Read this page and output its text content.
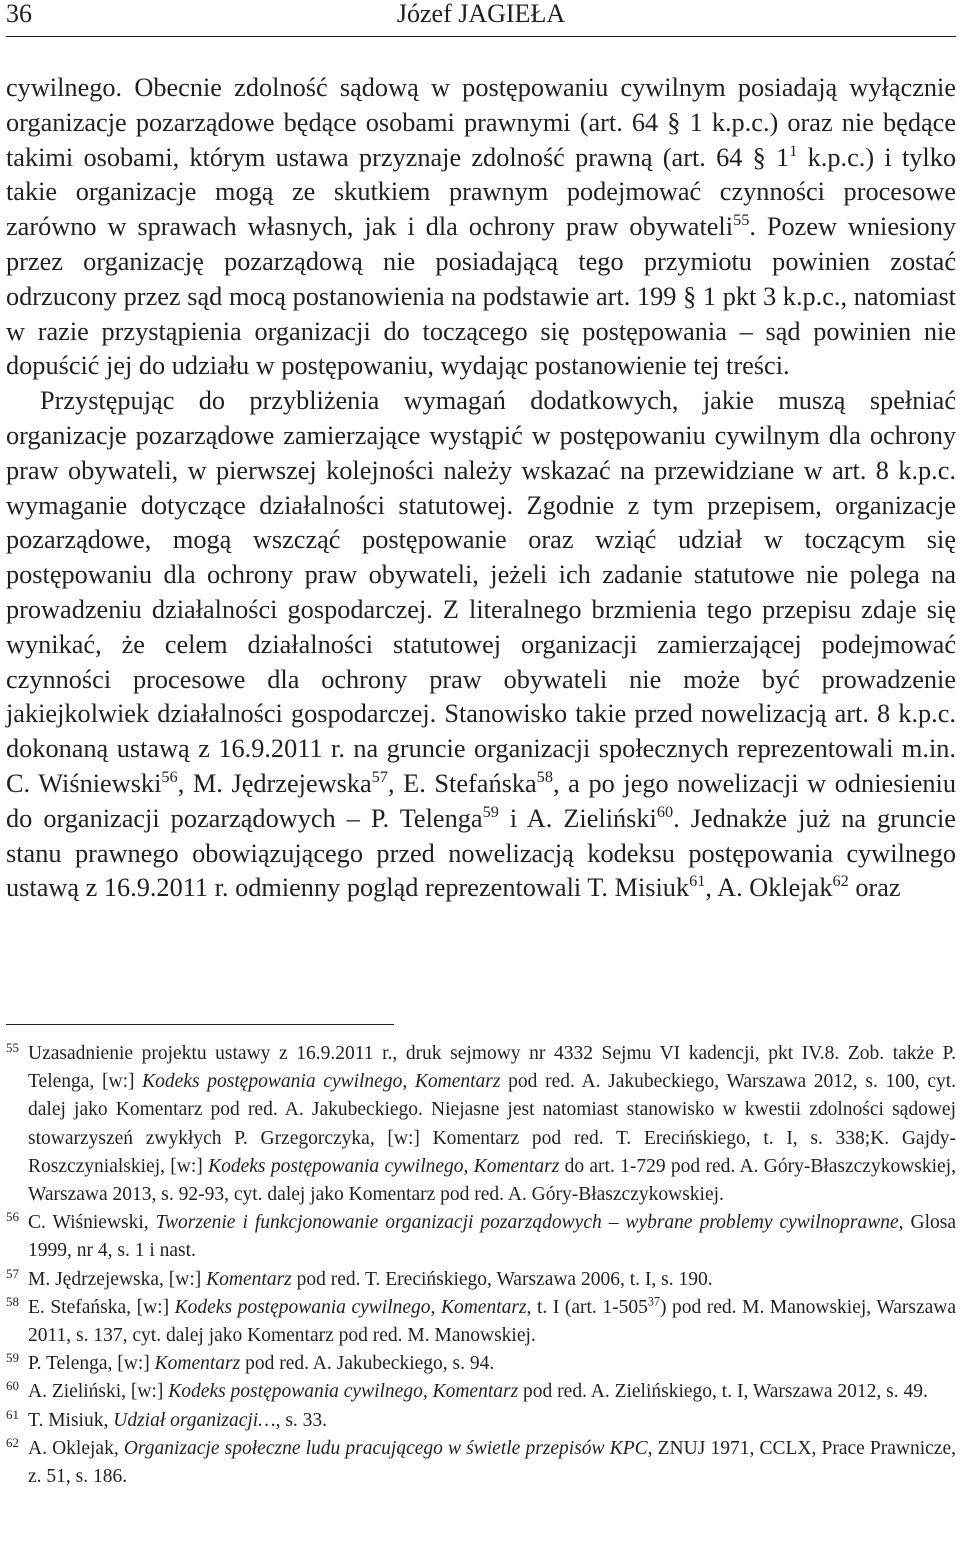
36	Józef JAGIEŁA

cywilnego. Obecnie zdolność sądową w postępowaniu cywilnym posiadają wyłącznie organizacje pozarządowe będące osobami prawnymi (art. 64 § 1 k.p.c.) oraz nie będące takimi osobami, którym ustawa przyznaje zdolność prawną (art. 64 § $1^1$ k.p.c.) i tylko takie organizacje mogą ze skutkiem prawnym podejmować czynności procesowe zarówno w sprawach własnych, jak i dla ochrony praw obywateli$^{55}$. Pozew wniesiony przez organizację pozarządową nie posiadającą tego przymiotu powinien zostać odrzucony przez sąd mocą postanowienia na podstawie art. 199 § 1 pkt 3 k.p.c., natomiast w razie przystąpienia organizacji do toczącego się postępowania – sąd powinien nie dopuścić jej do udziału w postępowaniu, wydając postanowienie tej treści.

Przystępując do przybliżenia wymagań dodatkowych, jakie muszą spełniać organizacje pozarządowe zamierzające wystąpić w postępowaniu cywilnym dla ochrony praw obywateli, w pierwszej kolejności należy wskazać na przewidziane w art. 8 k.p.c. wymaganie dotyczące działalności statutowej. Zgodnie z tym przepisem, organizacje pozarządowe, mogą wszcząć postępowanie oraz wziąć udział w toczącym się postępowaniu dla ochrony praw obywateli, jeżeli ich zadanie statutowe nie polega na prowadzeniu działalności gospodarczej. Z literalnego brzmienia tego przepisu zdaje się wynikać, że celem działalności statutowej organizacji zamierzającej podejmować czynności procesowe dla ochrony praw obywateli nie może być prowadzenie jakiejkolwiek działalności gospodarczej. Stanowisko takie przed nowelizacją art. 8 k.p.c. dokonaną ustawą z 16.9.2011 r. na gruncie organizacji społecznych reprezentowali m.in. C. Wiśniewski$^{56}$, M. Jędrzejewska$^{57}$, E. Stefańska$^{58}$, a po jego nowelizacji w odniesieniu do organizacji pozarządowych – P. Telenga$^{59}$ i A. Zieliński$^{60}$. Jednakże już na gruncie stanu prawnego obowiązującego przed nowelizacją kodeksu postępowania cywilnego ustawą z 16.9.2011 r. odmienny pogląd reprezentowali T. Misiuk$^{61}$, A. Oklejak$^{62}$ oraz

55 Uzasadnienie projektu ustawy z 16.9.2011 r., druk sejmowy nr 4332 Sejmu VI kadencji, pkt IV.8. Zob. także P. Telenga, [w:] Kodeks postępowania cywilnego, Komentarz pod red. A. Jakubeckiego, Warszawa 2012, s. 100, cyt. dalej jako Komentarz pod red. A. Jakubeckiego. Niejasne jest natomiast stanowisko w kwestii zdolności sądowej stowarzyszeń zwykłych P. Grzegorczyka, [w:] Komentarz pod red. T. Erecińskiego, t. I, s. 338;K. Gajdy-Roszczynialskiej, [w:] Kodeks postępowania cywilnego, Komentarz do art. 1-729 pod red. A. Góry-Błaszczykowskiej, Warszawa 2013, s. 92-93, cyt. dalej jako Komentarz pod red. A. Góry-Błaszczykowskiej.

56 C. Wiśniewski, Tworzenie i funkcjonowanie organizacji pozarządowych – wybrane problemy cywilnoprawne, Glosa 1999, nr 4, s. 1 i nast.

57 M. Jędrzejewska, [w:] Komentarz pod red. T. Erecińskiego, Warszawa 2006, t. I, s. 190.

58 E. Stefańska, [w:] Kodeks postępowania cywilnego, Komentarz, t. I (art. $1-505^{37}$) pod red. M. Manowskiej, Warszawa 2011, s. 137, cyt. dalej jako Komentarz pod red. M. Manowskiej.

59 P. Telenga, [w:] Komentarz pod red. A. Jakubeckiego, s. 94.

60 A. Zieliński, [w:] Kodeks postępowania cywilnego, Komentarz pod red. A. Zielińskiego, t. I, Warszawa 2012, s. 49.

61 T. Misiuk, Udział organizacji…, s. 33.

62 A. Oklejak, Organizacje społeczne ludu pracującego w świetle przepisów KPC, ZNUJ 1971, CCLX, Prace Prawnicze, z. 51, s. 186.
